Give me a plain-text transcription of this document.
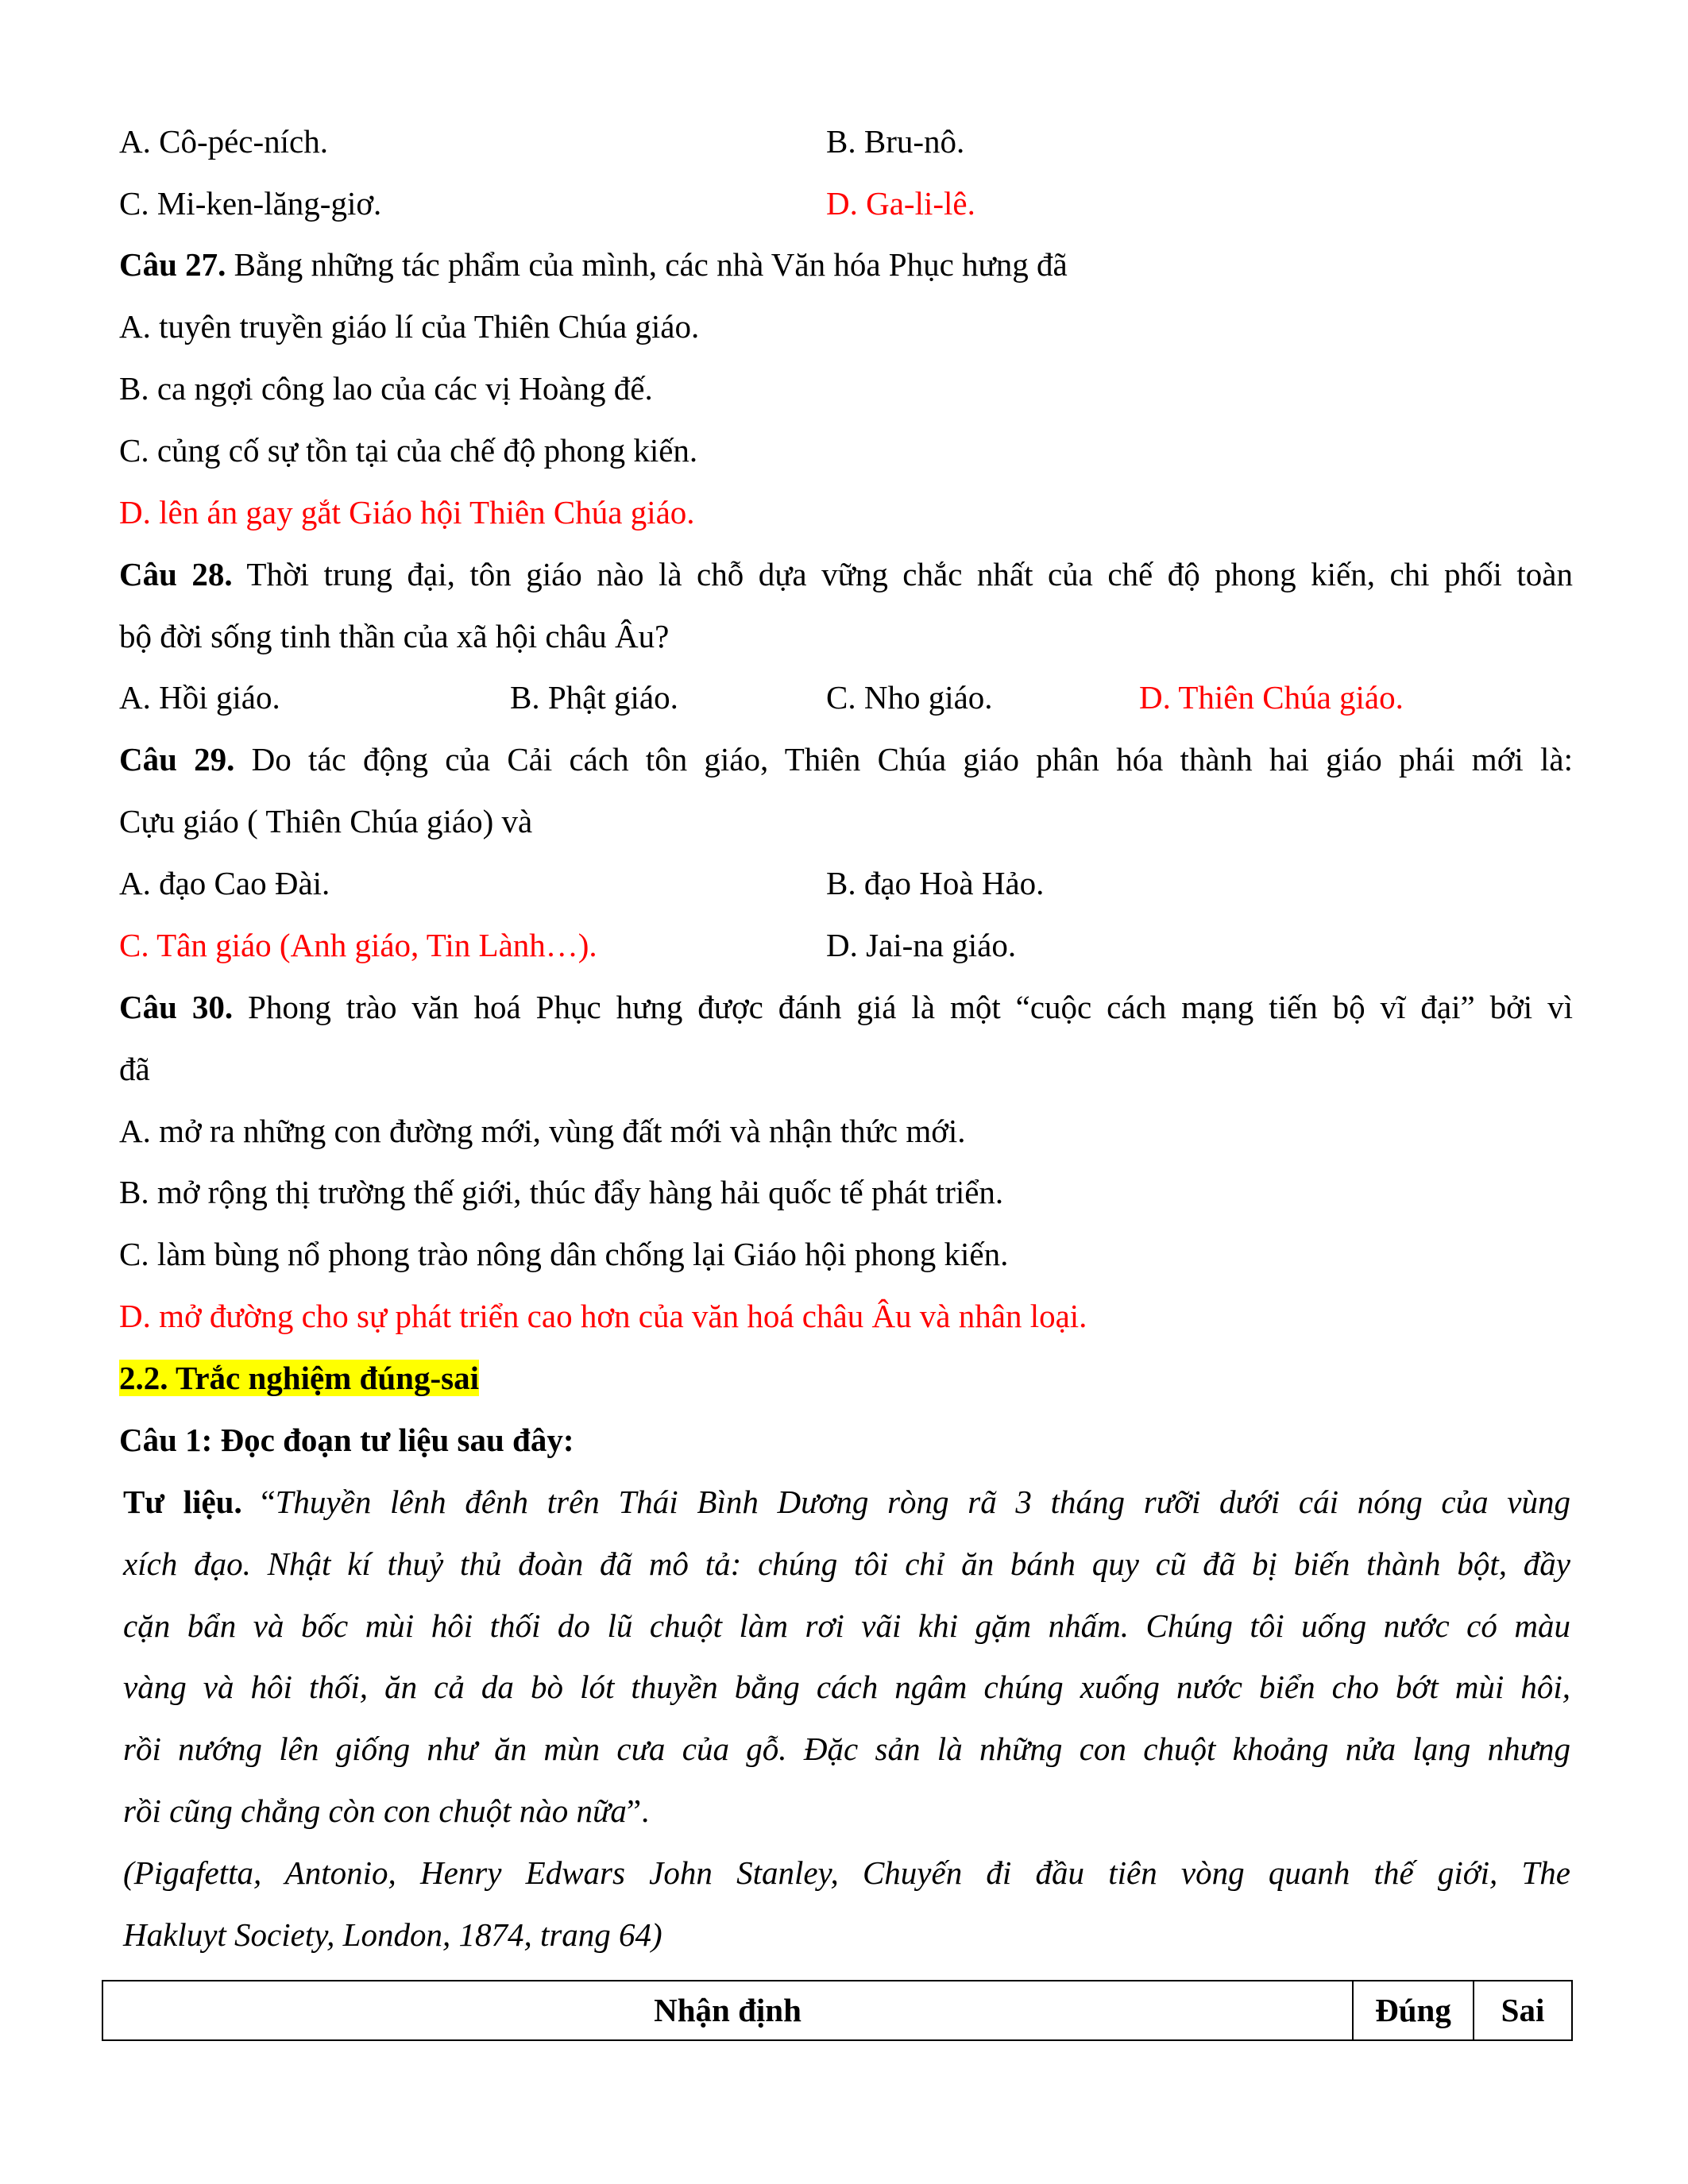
A. Cô-péc-ních.	B. Bru-nô.
C. Mi-ken-lăng-giơ.	D. Ga-li-lê.
Câu 27. Bằng những tác phẩm của mình, các nhà Văn hóa Phục hưng đã
A. tuyên truyền giáo lí của Thiên Chúa giáo.
B. ca ngợi công lao của các vị Hoàng đế.
C. củng cố sự tồn tại của chế độ phong kiến.
D. lên án gay gắt Giáo hội Thiên Chúa giáo.
Câu 28. Thời trung đại, tôn giáo nào là chỗ dựa vững chắc nhất của chế độ phong kiến, chi phối toàn
bộ đời sống tinh thần của xã hội châu Âu?
A. Hồi giáo.	B. Phật giáo.	C. Nho giáo.	D. Thiên Chúa giáo.
Câu 29. Do tác động của Cải cách tôn giáo, Thiên Chúa giáo phân hóa thành hai giáo phái mới là:
Cựu giáo ( Thiên Chúa giáo) và
A. đạo Cao Đài.	B. đạo Hoà Hảo.
C. Tân giáo (Anh giáo, Tin Lành…).	D. Jai-na giáo.
Câu 30. Phong trào văn hoá Phục hưng được đánh giá là một “cuộc cách mạng tiến bộ vĩ đại” bởi vì
đã
A. mở ra những con đường mới, vùng đất mới và nhận thức mới.
B. mở rộng thị trường thế giới, thúc đẩy hàng hải quốc tế phát triển.
C. làm bùng nổ phong trào nông dân chống lại Giáo hội phong kiến.
D. mở đường cho sự phát triển cao hơn của văn hoá châu Âu và nhân loại.
2.2. Trắc nghiệm đúng-sai
Câu 1: Đọc đoạn tư liệu sau đây:
Tư liệu. “Thuyền lênh đênh trên Thái Bình Dương ròng rã 3 tháng rưỡi dưới cái nóng của vùng
xích đạo. Nhật kí thuỷ thủ đoàn đã mô tả: chúng tôi chỉ ăn bánh quy cũ đã bị biến thành bột, đầy
cặn bẩn và bốc mùi hôi thối do lũ chuột làm rơi vãi khi gặm nhấm. Chúng tôi uống nước có màu
vàng và hôi thối, ăn cả da bò lót thuyền bằng cách ngâm chúng xuống nước biển cho bớt mùi hôi,
rồi nướng lên giống như ăn mùn cưa của gỗ. Đặc sản là những con chuột khoảng nửa lạng nhưng
rồi cũng chẳng còn con chuột nào nữa”.
(Pigafetta, Antonio, Henry Edwars John Stanley, Chuyến đi đầu tiên vòng quanh thế giới, The
Hakluyt Society, London, 1874, trang 64)
Nhận định	Đúng	Sai
